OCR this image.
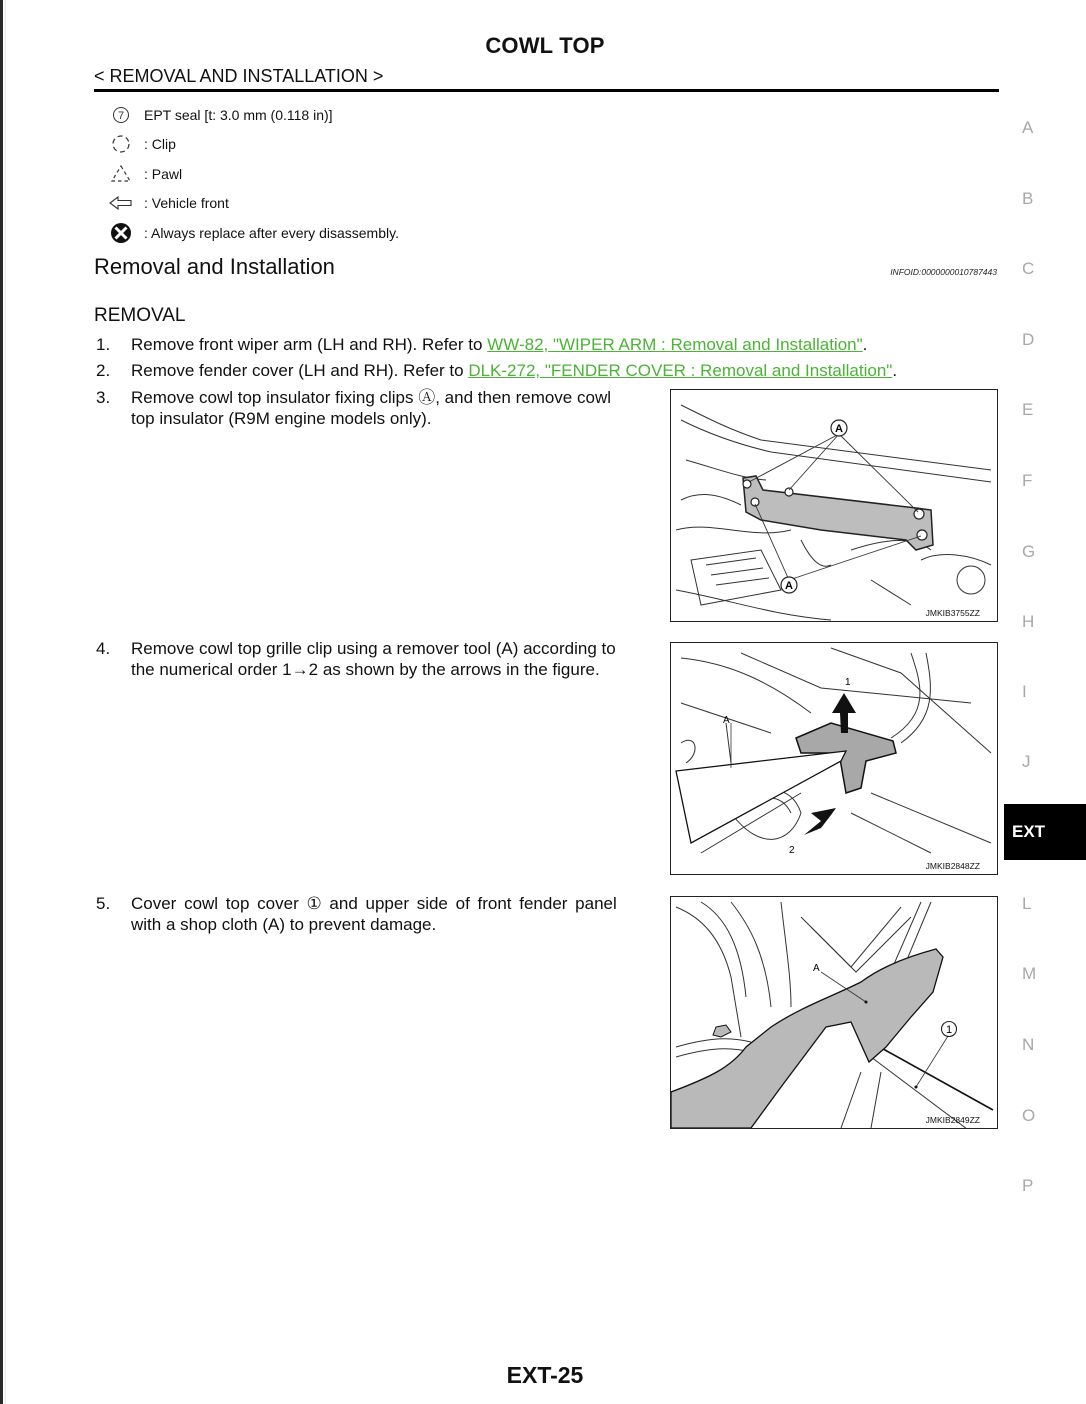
COWL TOP
< REMOVAL AND INSTALLATION >
7 EPT seal [t: 3.0 mm (0.118 in)]
: Clip
: Pawl
: Vehicle front
: Always replace after every disassembly.
Removal and Installation	INFOID:0000000010787443
REMOVAL
1. Remove front wiper arm (LH and RH). Refer to WW-82, "WIPER ARM : Removal and Installation".
2. Remove fender cover (LH and RH). Refer to DLK-272, "FENDER COVER : Removal and Installation".
3. Remove cowl top insulator fixing clips Ⓐ, and then remove cowl
top insulator (R9M engine models only).
4. Remove cowl top grille clip using a remover tool (A) according to
the numerical order 1→2 as shown by the arrows in the figure.
5. Cover cowl top cover ① and upper side of front fender panel
with a shop cloth (A) to prevent damage.
A
A
JMKIB3755ZZ
A
1
2
JMKIB2848ZZ
A
1
JMKIB2849ZZ
A
B
C
D
E
F
G
H
I
J
EXT
L
M
N
O
P
EXT-25
